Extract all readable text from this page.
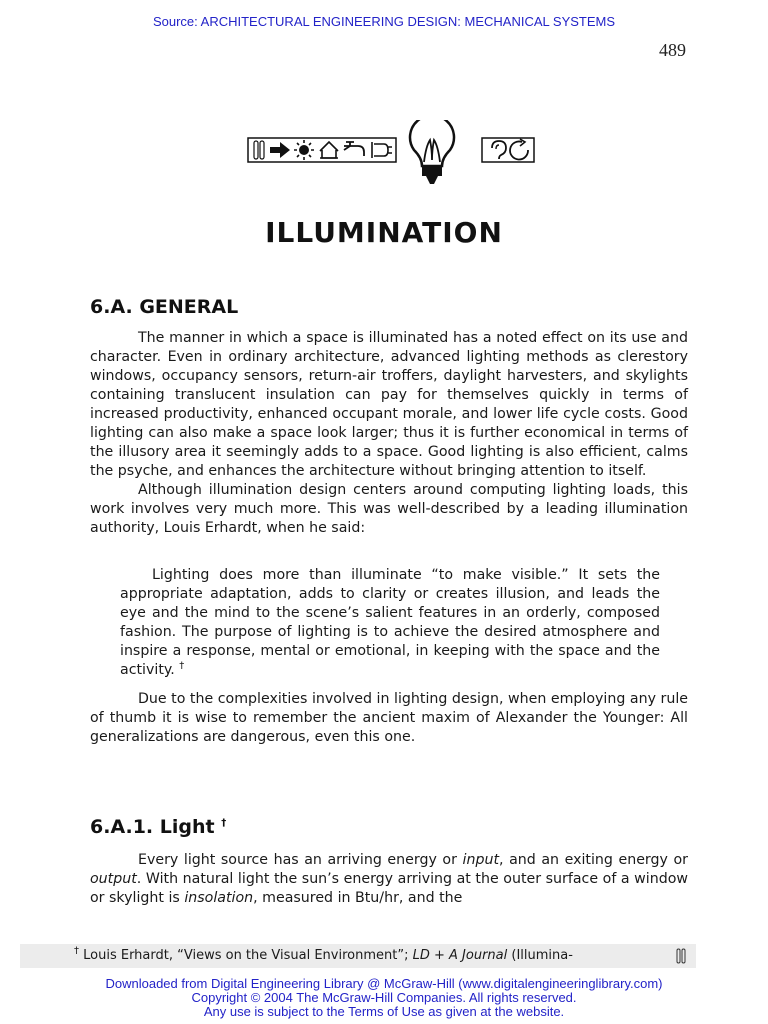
Source: ARCHITECTURAL ENGINEERING DESIGN: MECHANICAL SYSTEMS
489
ILLUMINATION
6.A. GENERAL

The manner in which a space is illuminated has a noted effect on its use and character. Even in ordinary architecture, advanced lighting methods as clerestory windows, occupancy sensors, return-air troffers, daylight harvesters, and skylights containing translucent insulation can pay for themselves quickly in terms of increased productivity, enhanced occupant morale, and lower life cycle costs. Good lighting can also make a space look larger; thus it is further economical in terms of the illusory area it seemingly adds to a space. Good lighting is also efficient, calms the psyche, and enhances the architecture without bringing attention to itself.

Although illumination design centers around computing lighting loads, this work involves very much more. This was well-described by a leading illumination authority, Louis Erhardt, when he said:

Lighting does more than illuminate “to make visible.” It sets the appropriate adaptation, adds to clarity or creates illusion, and leads the eye and the mind to the scene’s salient features in an orderly, composed fashion. The purpose of lighting is to achieve the desired atmosphere and inspire a response, mental or emotional, in keeping with the space and the activity. †

Due to the complexities involved in lighting design, when employing any rule of thumb it is wise to remember the ancient maxim of Alexander the Younger: All generalizations are dangerous, even this one.

6.A.1. Light †

Every light source has an arriving energy or input, and an exiting energy or output. With natural light the sun’s energy arriving at the outer surface of a window or skylight is insolation, measured in Btu/hr, and the

† Louis Erhardt, “Views on the Visual Environment”; LD + A Journal (Illumina-
Downloaded from Digital Engineering Library @ McGraw-Hill (www.digitalengineeringlibrary.com)
Copyright © 2004 The McGraw-Hill Companies. All rights reserved.
Any use is subject to the Terms of Use as given at the website.
